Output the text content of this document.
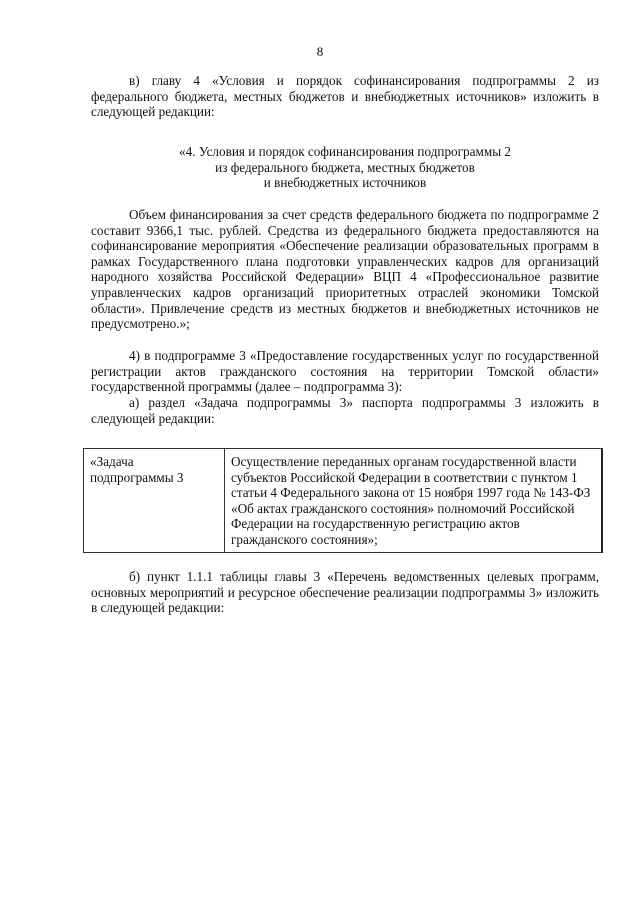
8

в) главу 4 «Условия и порядок софинансирования подпрограммы 2 из федерального бюджета, местных бюджетов и внебюджетных источников» изложить в следующей редакции:

«4. Условия и порядок софинансирования подпрограммы 2
из федерального бюджета, местных бюджетов
и внебюджетных источников

Объем финансирования за счет средств федерального бюджета по подпрограмме 2 составит 9366,1 тыс. рублей. Средства из федерального бюджета предоставляются на софинансирование мероприятия «Обеспечение реализации образовательных программ в рамках Государственного плана подготовки управленческих кадров для организаций народного хозяйства Российской Федерации» ВЦП 4 «Профессиональное развитие управленческих кадров организаций приоритетных отраслей экономики Томской области». Привлечение средств из местных бюджетов и внебюджетных источников не предусмотрено.»;

4) в подпрограмме 3 «Предоставление государственных услуг по государственной регистрации актов гражданского состояния на территории Томской области» государственной программы (далее – подпрограмма 3):

а) раздел «Задача подпрограммы 3» паспорта подпрограммы 3 изложить в следующей редакции:

«Задача подпрограммы 3	Осуществление переданных органам государственной власти субъектов Российской Федерации в соответствии с пунктом 1 статьи 4 Федерального закона от 15 ноября 1997 года № 143-ФЗ «Об актах гражданского состояния» полномочий Российской Федерации на государственную регистрацию актов гражданского состояния»;

б) пункт 1.1.1 таблицы главы 3 «Перечень ведомственных целевых программ, основных мероприятий и ресурсное обеспечение реализации подпрограммы 3» изложить в следующей редакции:
